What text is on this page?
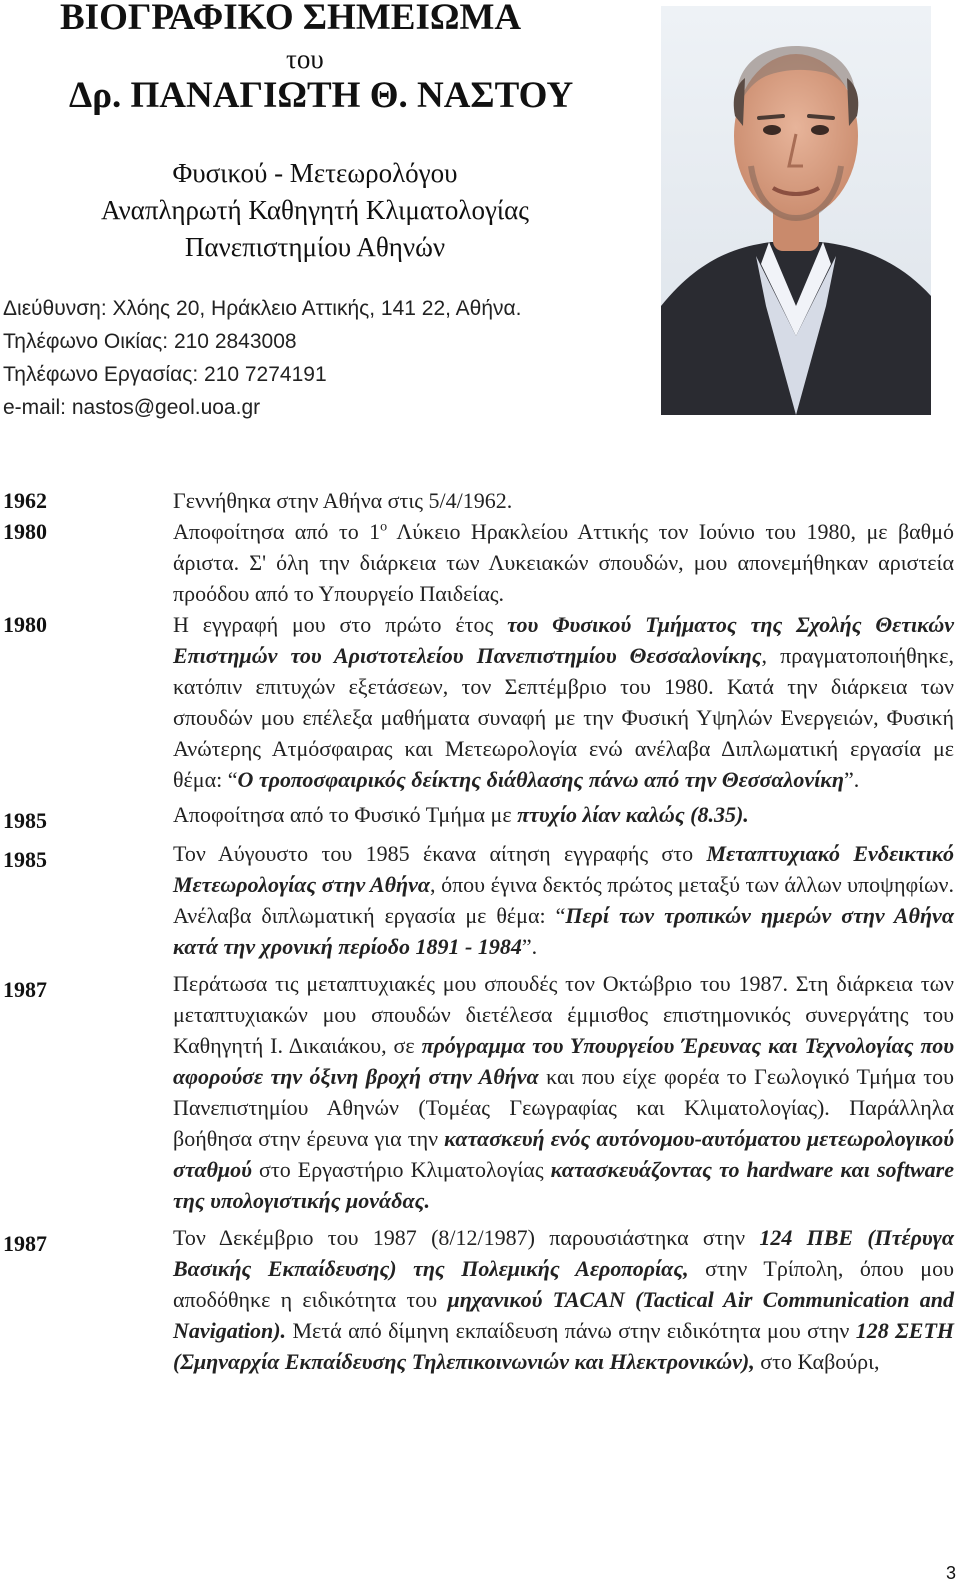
ΒΙΟΓΡΑΦΙΚΟ ΣΗΜΕΙΩΜΑ
του
Δρ. ΠΑΝΑΓΙΩΤΗ Θ. ΝΑΣΤΟΥ
Φυσικού - Μετεωρολόγου
Αναπληρωτή Καθηγητή Κλιματολογίας
Πανεπιστημίου Αθηνών
Διεύθυνση: Χλόης 20, Ηράκλειο Αττικής, 141 22, Αθήνα.
Τηλέφωνο Οικίας: 210 2843008
Τηλέφωνο Εργασίας: 210 7274191
e-mail: nastos@geol.uoa.gr
1962	Γεννήθηκα στην Αθήνα στις 5/4/1962.
1980	Αποφοίτησα από το $1^o$ Λύκειο Ηρακλείου Αττικής τον Ιούνιο του 1980, με βαθμό άριστα. Σ' όλη την διάρκεια των Λυκειακών σπουδών, μου απονεμήθηκαν αριστεία προόδου από το Υπουργείο Παιδείας.
1980	Η εγγραφή μου στο πρώτο έτος του Φυσικού Τμήματος της Σχολής Θετικών Επιστημών του Αριστοτελείου Πανεπιστημίου Θεσσαλονίκης, πραγματοποιήθηκε, κατόπιν επιτυχών εξετάσεων, τον Σεπτέμβριο του 1980. Κατά την διάρκεια των σπουδών μου επέλεξα μαθήματα συναφή με την Φυσική Υψηλών Ενεργειών, Φυσική Ανώτερης Ατμόσφαιρας και Μετεωρολογία ενώ ανέλαβα Διπλωματική εργασία με θέμα: “Ο τροποσφαιρικός δείκτης διάθλασης πάνω από την Θεσσαλονίκη”.
1985	Αποφοίτησα από το Φυσικό Τμήμα με πτυχίο λίαν καλώς (8.35).
1985	Τον Αύγουστο του 1985 έκανα αίτηση εγγραφής στο Μεταπτυχιακό Ενδεικτικό Μετεωρολογίας στην Αθήνα, όπου έγινα δεκτός πρώτος μεταξύ των άλλων υποψηφίων. Ανέλαβα διπλωματική εργασία με θέμα: “Περί των τροπικών ημερών στην Αθήνα κατά την χρονική περίοδο 1891 - 1984”.
1987	Περάτωσα τις μεταπτυχιακές μου σπουδές τον Οκτώβριο του 1987. Στη διάρκεια των μεταπτυχιακών μου σπουδών διετέλεσα έμμισθος επιστημονικός συνεργάτης του Καθηγητή Ι. Δικαιάκου, σε πρόγραμμα του Υπουργείου Έρευνας και Τεχνολογίας που αφορούσε την όξινη βροχή στην Αθήνα και που είχε φορέα το Γεωλογικό Τμήμα του Πανεπιστημίου Αθηνών (Τομέας Γεωγραφίας και Κλιματολογίας). Παράλληλα βοήθησα στην έρευνα για την κατασκευή ενός αυτόνομου-αυτόματου μετεωρολογικού σταθμού στο Εργαστήριο Κλιματολογίας κατασκευάζοντας το hardware και software της υπολογιστικής μονάδας.
1987	Τον Δεκέμβριο του 1987 (8/12/1987) παρουσιάστηκα στην 124 ΠΒΕ (Πτέρυγα Βασικής Εκπαίδευσης) της Πολεμικής Αεροπορίας, στην Τρίπολη, όπου μου αποδόθηκε η ειδικότητα του μηχανικού TACAN (Tactical Air Communication and Navigation). Μετά από δίμηνη εκπαίδευση πάνω στην ειδικότητα μου στην 128 ΣΕΤΗ (Σμηναρχία Εκπαίδευσης Τηλεπικοινωνιών και Ηλεκτρονικών), στο Καβούρι,
3
